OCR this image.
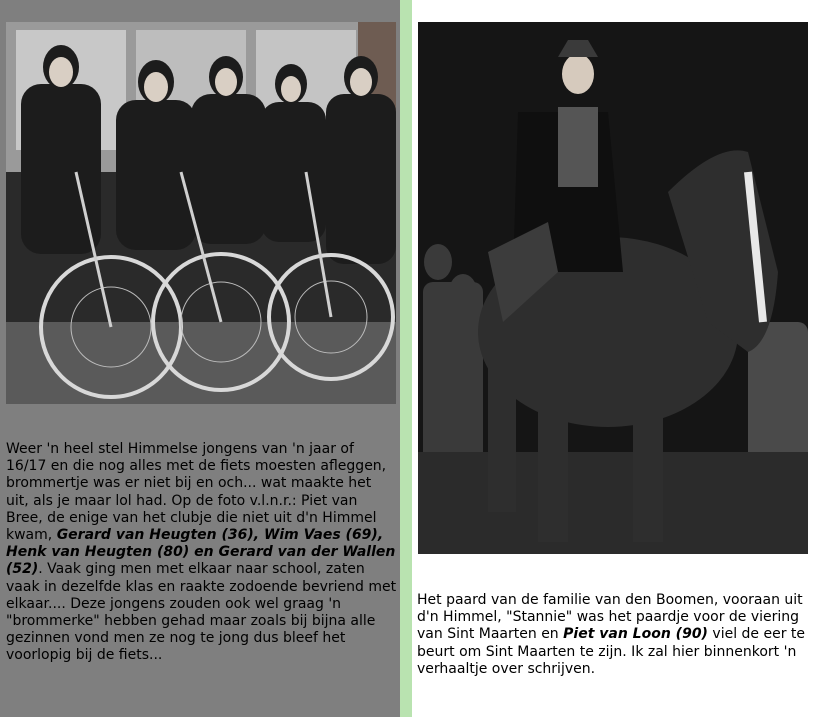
Weer 'n heel stel Himmelse jongens van 'n jaar of 16/17 en die nog alles met de fiets moesten afleggen, brommertje was er niet bij en och... wat maakte het uit, als je maar lol had. Op de foto v.l.n.r.: Piet van Bree, de enige van het clubje die niet uit d'n Himmel kwam, Gerard van Heugten (36), Wim Vaes (69), Henk van Heugten (80) en Gerard van der Wallen (52). Vaak ging men met elkaar naar school, zaten vaak in dezelfde klas en raakte zodoende bevriend met elkaar.... Deze jongens zouden ook wel graag 'n "brommerke" hebben gehad maar zoals bij bijna alle gezinnen vond men ze nog te jong dus bleef het voorlopig bij de fiets...
Het paard van de familie van den Boomen, vooraan uit d'n Himmel, "Stannie" was het paardje voor de viering van Sint Maarten en Piet van Loon (90) viel de eer te beurt om Sint Maarten te zijn. Ik zal hier binnenkort 'n verhaaltje over schrijven.
